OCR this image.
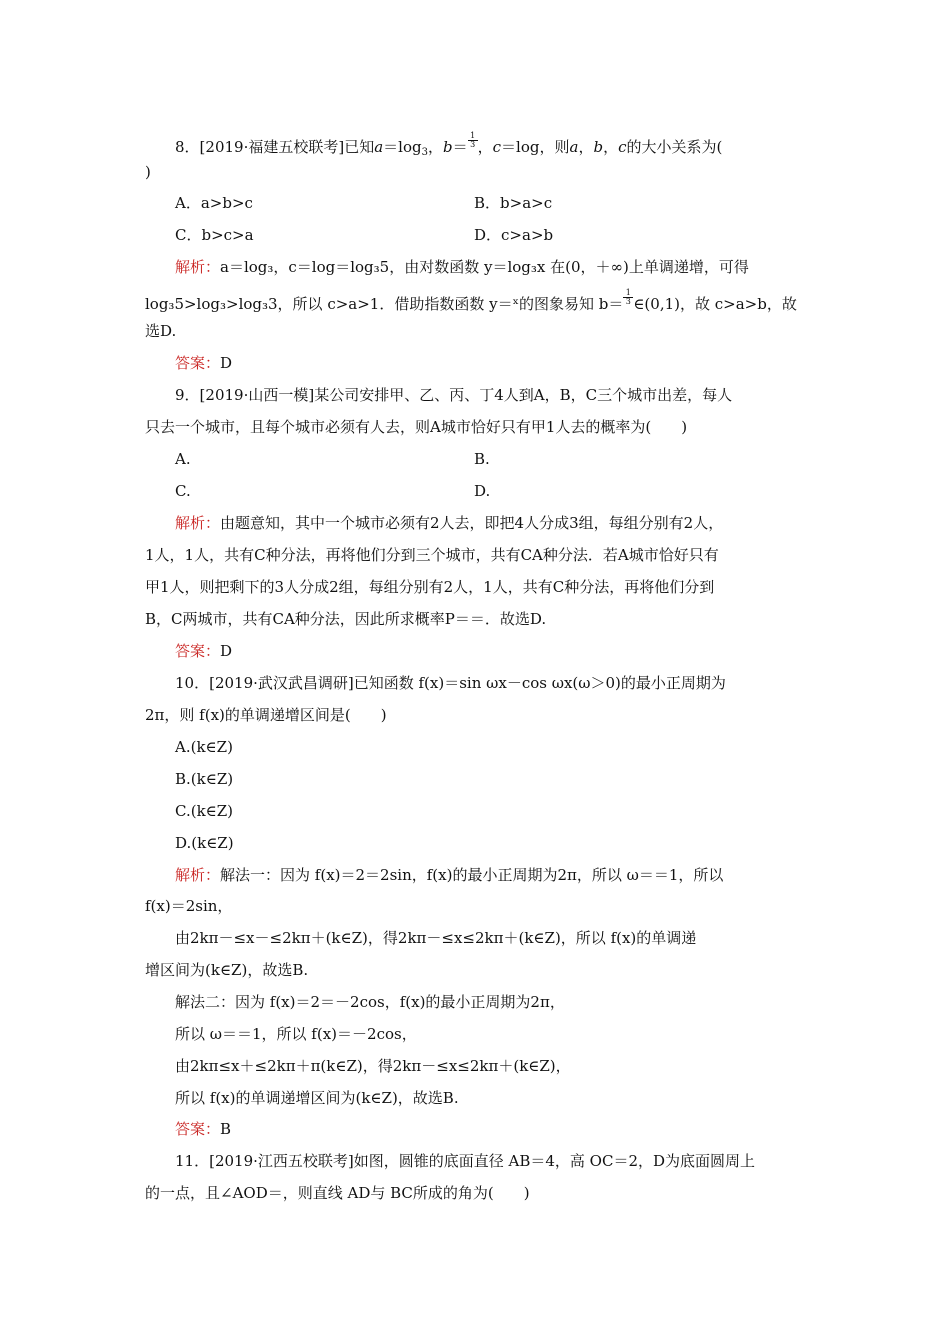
8．[2019·福建五校联考]已知$a=\log_3$，$b= \frac{1}{3}$ ，c＝log，则a，b，c的大小关系为(
)
A．a>b>c	B．b>a>c
C．b>c>a	D．c>a>b
解析：a＝log₃，c＝log＝log₃5，由对数函数 y＝log₃x 在(0，＋∞)上单调递增，可得
log₃5>log₃>log₃3，所以 c>a>1．借助指数函数 y＝ˣ的图象易知 $b= \frac{1}{3}$ ∈(0,1)，故 c>a>b，故
选D.
答案：D
9．[2019·山西一模]某公司安排甲、乙、丙、丁4人到A，B，C三个城市出差，每人
只去一个城市，且每个城市必须有人去，则A城市恰好只有甲1人去的概率为(　　)
A.	B.
C.	D.
解析：由题意知，其中一个城市必须有2人去，即把4人分成3组，每组分别有2人，
1人，1人，共有C种分法，再将他们分到三个城市，共有CA种分法．若A城市恰好只有
甲1人，则把剩下的3人分成2组，每组分别有2人，1人，共有C种分法，再将他们分到
B，C两城市，共有CA种分法，因此所求概率P＝＝．故选D.
答案：D
10．[2019·武汉武昌调研]已知函数 f(x)＝sin ωx－cos ωx(ω＞0)的最小正周期为
2π，则 f(x)的单调递增区间是(　　)
A.(k∈Z)
B.(k∈Z)
C.(k∈Z)
D.(k∈Z)
解析：解法一：因为 f(x)＝2＝2sin，f(x)的最小正周期为2π，所以 ω＝＝1，所以
f(x)＝2sin，
由2kπ－≤x－≤2kπ＋(k∈Z)，得2kπ－≤x≤2kπ＋(k∈Z)，所以 f(x)的单调递
增区间为(k∈Z)，故选B.
解法二：因为 f(x)＝2＝－2cos，f(x)的最小正周期为2π，
所以 ω＝＝1，所以 f(x)＝－2cos，
由2kπ≤x＋≤2kπ＋π(k∈Z)，得2kπ－≤x≤2kπ＋(k∈Z)，
所以 f(x)的单调递增区间为(k∈Z)，故选B.
答案：B
11．[2019·江西五校联考]如图，圆锥的底面直径 AB＝4，高 OC＝2，D为底面圆周上
的一点，且∠AOD＝，则直线 AD与 BC所成的角为(　　)
